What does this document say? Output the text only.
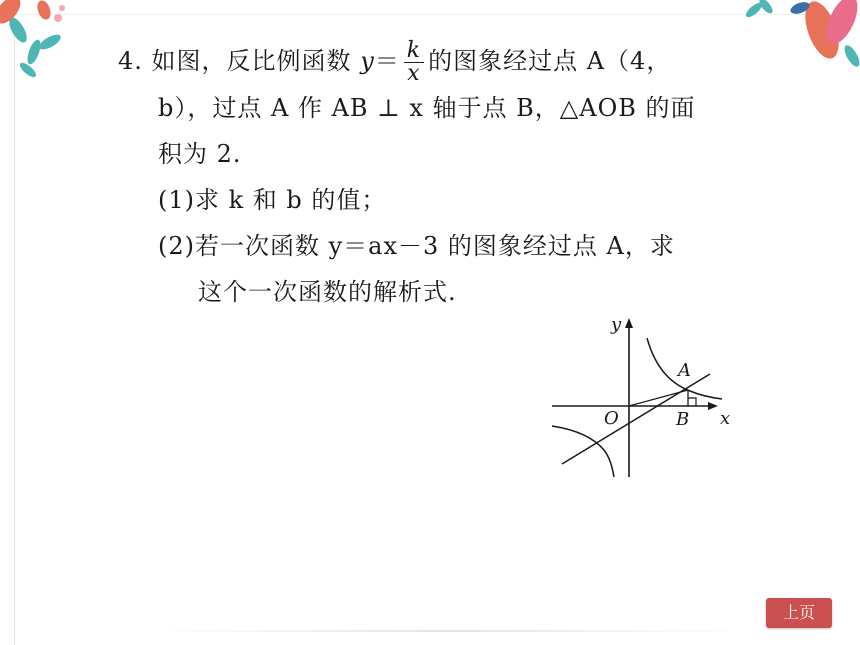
4. 如图，反比例函数 $y= \frac{k}{x}$ 的图象经过点 A（4，
b），过点 A 作 AB ⊥ x 轴于点 B，△AOB 的面
积为 2.
(1)求 k 和 b 的值；
(2)若一次函数 y＝ax－3 的图象经过点 A，求
这个一次函数的解析式.
y
x
O
A
B
上页
